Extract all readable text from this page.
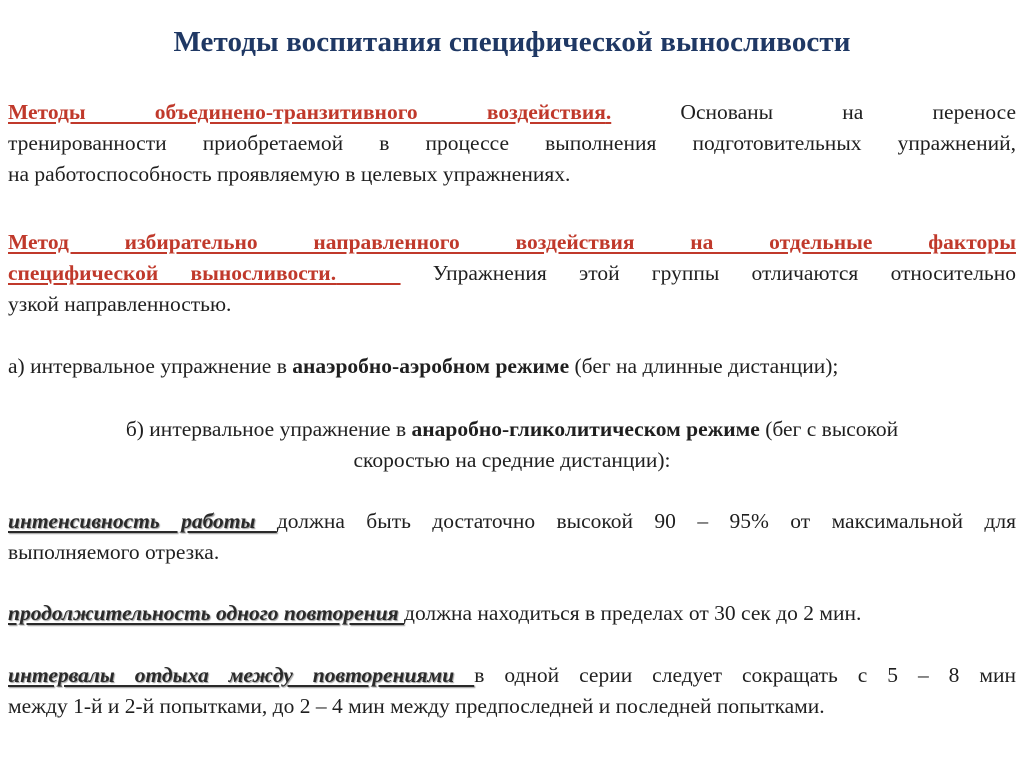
Методы воспитания специфической выносливости
Методы объединено-транзитивного воздействия. Основаны на переносе
тренированности приобретаемой в процессе выполнения подготовительных упражнений,
на работоспособность проявляемую в целевых упражнениях.
Метод избирательно направленного воздействия на отдельные факторы
специфической выносливости.	Упражнения этой группы отличаются относительно
узкой направленностью.
а) интервальное упражнение в анаэробно-аэробном режиме (бег на длинные дистанции);
б) интервальное упражнение в анаробно-гликолитическом режиме (бег с высокой
скоростью на средние дистанции):
интенсивность работы должна быть достаточно высокой 90 – 95% от максимальной для
выполняемого отрезка.
продолжительность одного повторения должна находиться в пределах от 30 сек до 2 мин.
интервалы отдыха между повторениями в одной серии следует сокращать с 5 – 8 мин
между 1-й и 2-й попытками, до 2 – 4 мин между предпоследней и последней попытками.
